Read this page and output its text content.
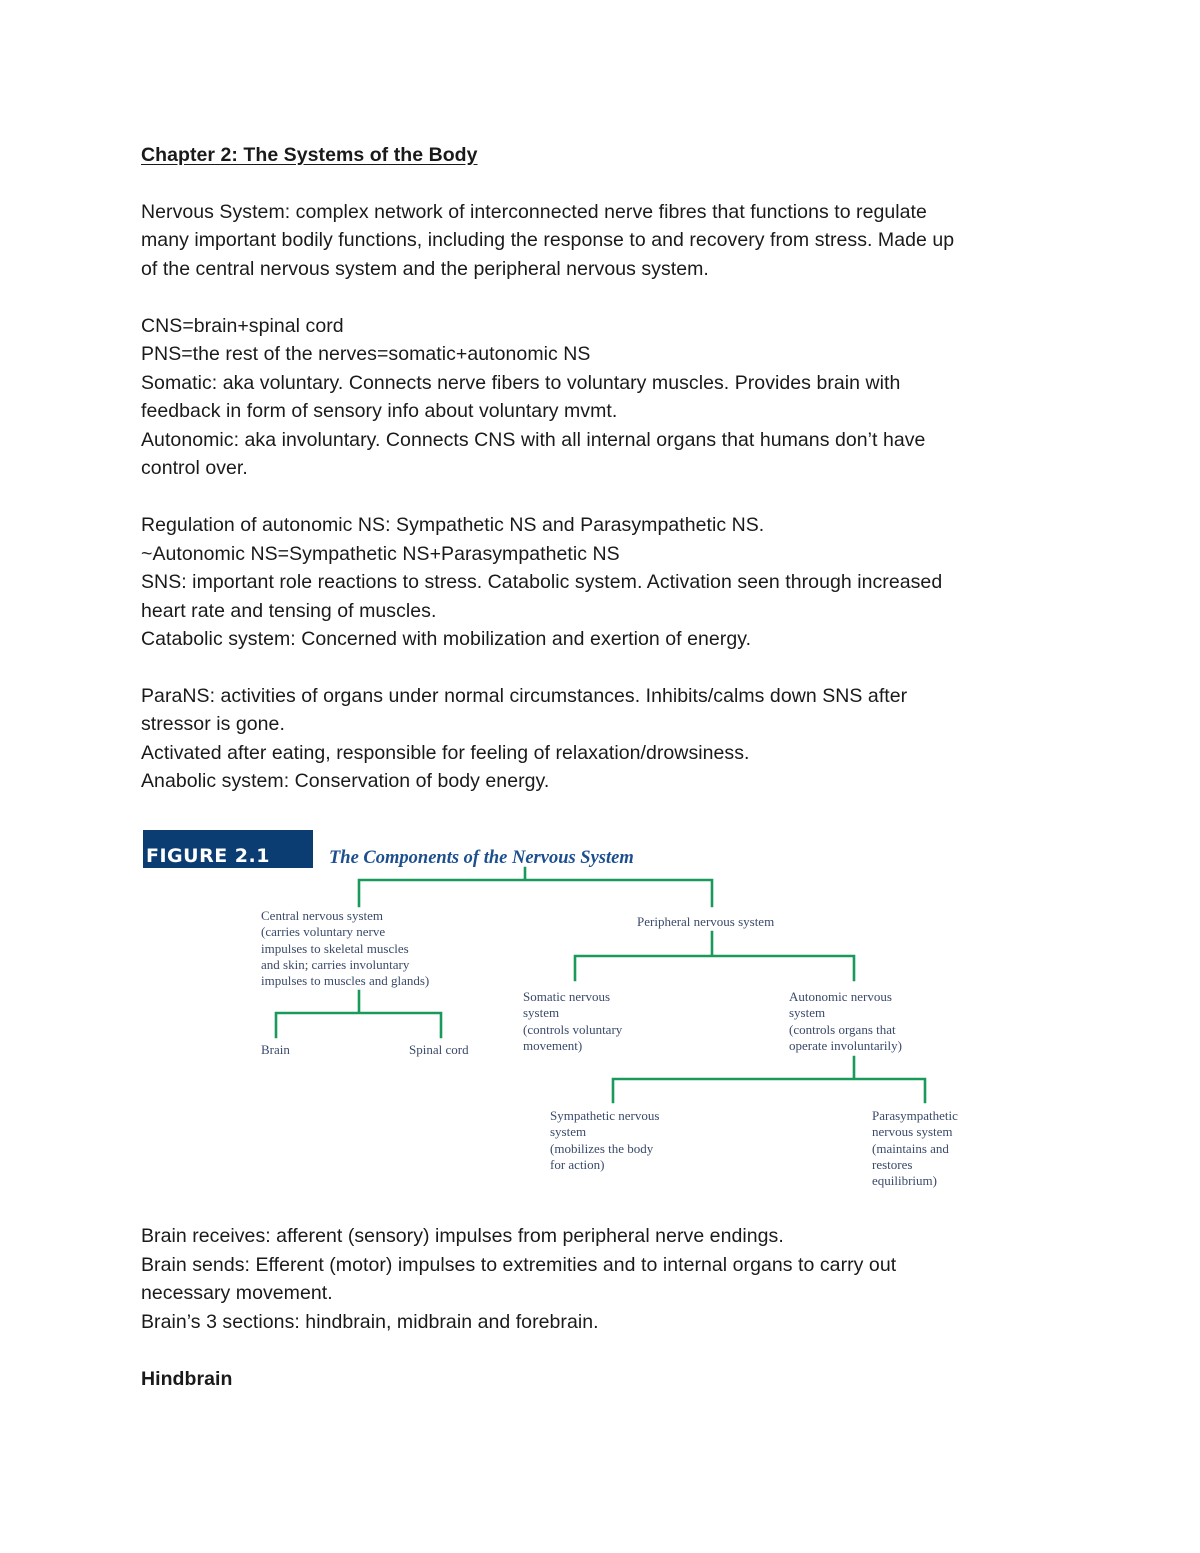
Chapter 2: The Systems of the Body
Nervous System: complex network of interconnected nerve fibres that functions to regulate
many important bodily functions, including the response to and recovery from stress. Made up
of the central nervous system and the peripheral nervous system.
CNS=brain+spinal cord
PNS=the rest of the nerves=somatic+autonomic NS
Somatic: aka voluntary. Connects nerve fibers to voluntary muscles. Provides brain with
feedback in form of sensory info about voluntary mvmt.
Autonomic: aka involuntary. Connects CNS with all internal organs that humans don’t have
control over.
Regulation of autonomic NS: Sympathetic NS and Parasympathetic NS.
~Autonomic NS=Sympathetic NS+Parasympathetic NS
SNS: important role reactions to stress. Catabolic system. Activation seen through increased
heart rate and tensing of muscles.
Catabolic system: Concerned with mobilization and exertion of energy.
ParaNS: activities of organs under normal circumstances. Inhibits/calms down SNS after
stressor is gone.
Activated after eating, responsible for feeling of relaxation/drowsiness.
Anabolic system: Conservation of body energy.
FIGURE 2.1	The Components of the Nervous System
Central nervous system
(carries voluntary nerve
impulses to skeletal muscles
and skin; carries involuntary
impulses to muscles and glands)
Peripheral nervous system
Brain	Spinal cord
Somatic nervous
system
(controls voluntary
movement)
Autonomic nervous
system
(controls organs that
operate involuntarily)
Sympathetic nervous
system
(mobilizes the body
for action)
Parasympathetic
nervous system
(maintains and
restores
equilibrium)
Brain receives: afferent (sensory) impulses from peripheral nerve endings.
Brain sends: Efferent (motor) impulses to extremities and to internal organs to carry out
necessary movement.
Brain’s 3 sections: hindbrain, midbrain and forebrain.
Hindbrain
